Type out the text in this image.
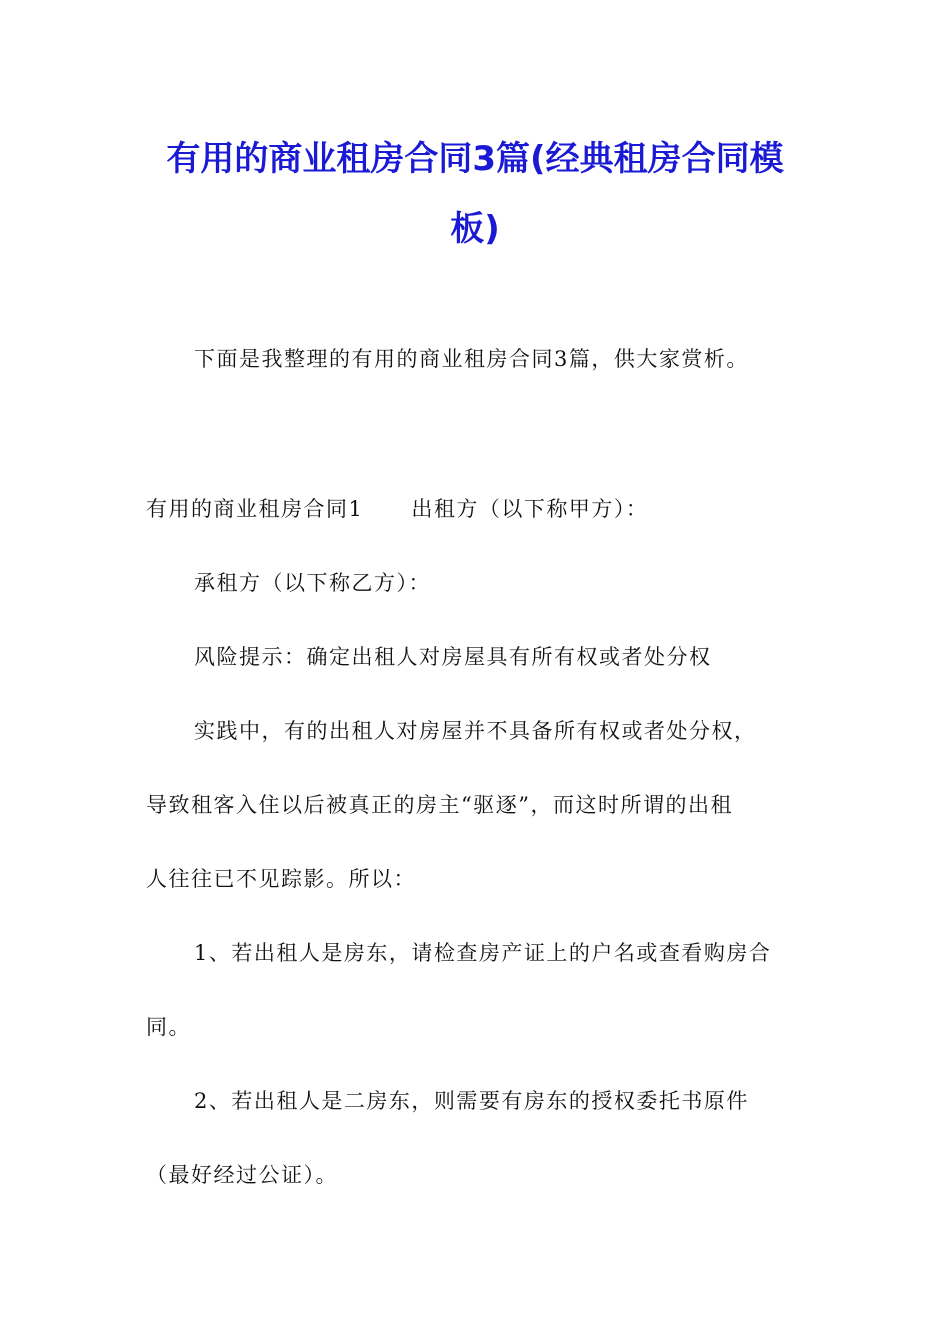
有用的商业租房合同3篇(经典租房合同模
板)
下面是我整理的有用的商业租房合同3篇，供大家赏析。
有用的商业租房合同1 出租方（以下称甲方）：
承租方（以下称乙方）：
风险提示：确定出租人对房屋具有所有权或者处分权
实践中，有的出租人对房屋并不具备所有权或者处分权，
导致租客入住以后被真正的房主“驱逐”，而这时所谓的出租
人往往已不见踪影。所以：
1、若出租人是房东，请检查房产证上的户名或查看购房合
同。
2、若出租人是二房东，则需要有房东的授权委托书原件
（最好经过公证）。
